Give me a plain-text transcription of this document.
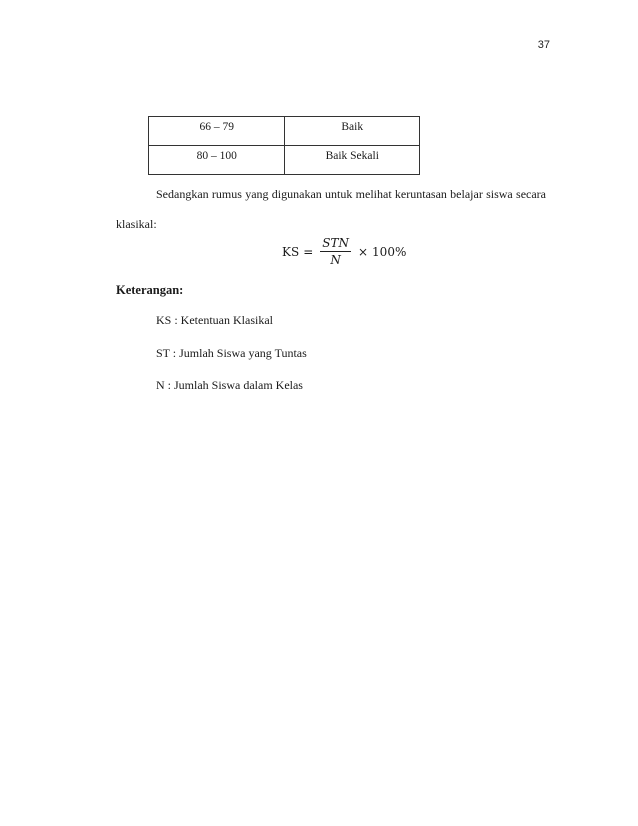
37
66 – 79	Baik
80 – 100	Baik Sekali
Sedangkan rumus yang digunakan untuk melihat keruntasan belajar siswa secara klasikal:
KS = $\frac{\text{STN}}{N} \times 100\%$
Keterangan:
KS : Ketentuan Klasikal
ST : Jumlah Siswa yang Tuntas
N : Jumlah Siswa dalam Kelas
